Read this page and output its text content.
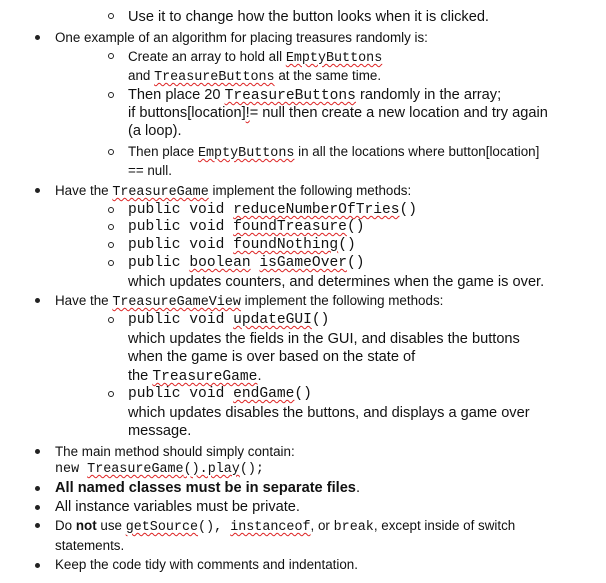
Use it to change how the button looks when it is clicked.
One example of an algorithm for placing treasures randomly is:
Create an array to hold all EmptyButtons
and TreasureButtons at the same time.
Then place 20 TreasureButtons randomly in the array;
if buttons[location]!= null then create a new location and try again
(a loop).
Then place EmptyButtons in all the locations where button[location]
== null.
Have the TreasureGame implement the following methods:
public void reduceNumberOfTries()
public void foundTreasure()
public void foundNothing()
public boolean isGameOver()
which updates counters, and determines when the game is over.
Have the TreasureGameView implement the following methods:
public void updateGUI()
which updates the fields in the GUI, and disables the buttons
when the game is over based on the state of
the TreasureGame.
public void endGame()
which updates disables the buttons, and displays a game over
message.
The main method should simply contain:
new TreasureGame().play();
All named classes must be in separate files.
All instance variables must be private.
Do not use getSource(), instanceof, or break, except inside of switch
statements.
Keep the code tidy with comments and indentation.
